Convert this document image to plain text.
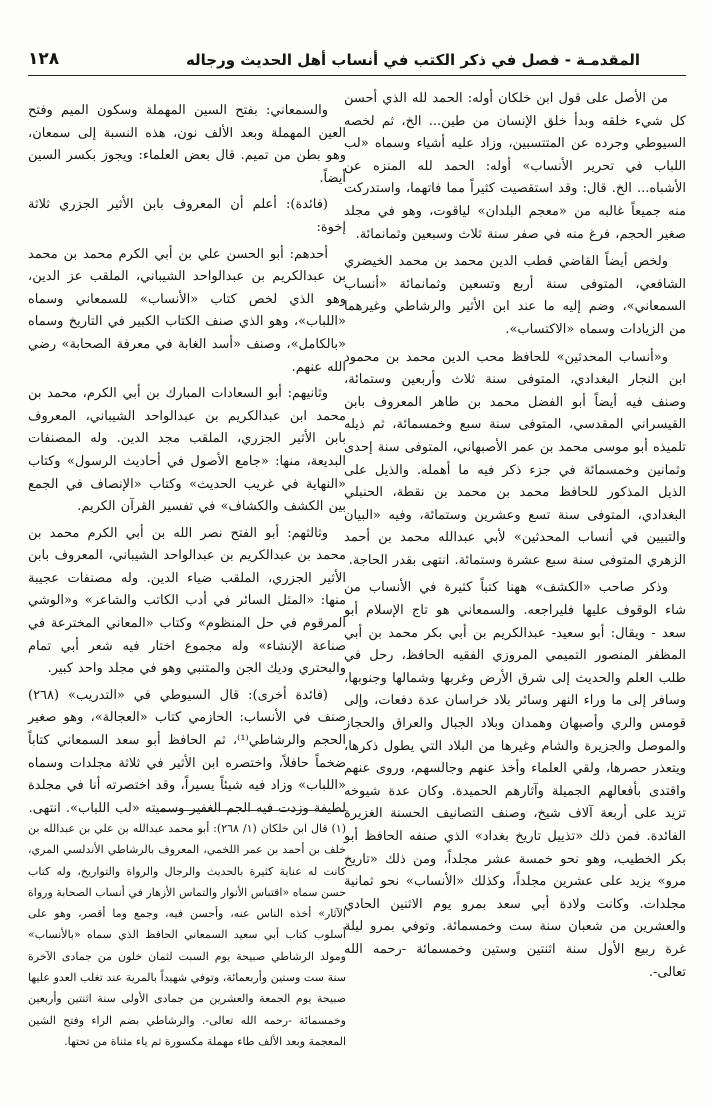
١٢٨	المقدمـة - فصل في ذكر الكتب في أنساب أهل الحديث ورجاله

من الأصل على قول ابن خلكان أوله: الحمد لله الذي أحسن كل شيء خلقه وبدأ خلق الإنسان من طين... الخ، ثم لخصه السيوطي وجرده عن المتتسبين، وزاد عليه أشياء وسماه «لب اللباب في تحرير الأنساب» أوله: الحمد لله المنزه عن الأشباه... الخ. قال: وقد استقصيت كثيراً مما فاتهما، واستدركت منه جميعاً غالبه من «معجم البلدان» لياقوت، وهو في مجلد صغير الحجم، فرغ منه في صفر سنة ثلاث وسبعين وثمانمائة.

ولخص أيضاً القاضي قطب الدين محمد بن محمد الخيضري الشافعي، المتوفى سنة أربع وتسعين وثمانمائة «أنساب السمعاني»، وضم إليه ما عند ابن الأثير والرشاطي وغيرهما من الزيادات وسماه «الاكتساب».

و«أنساب المحدثين» للحافظ محب الدين محمد بن محمود ابن النجار البغدادي، المتوفى سنة ثلاث وأربعين وستمائة، وصنف فيه أيضاً أبو الفضل محمد بن طاهر المعروف بابن القيسراني المقدسي، المتوفى سنة سبع وخمسمائة، ثم ذيله تلميذه أبو موسى محمد بن عمر الأصبهاني، المتوفى سنة إحدى وثمانين وخمسمائة في جزء ذكر فيه ما أهمله. والذيل على الذيل المذكور للحافظ محمد بن محمد بن نقطة، الحنبلي البغدادي، المتوفى سنة تسع وعشرين وستمائة، وفيه «البيان والتبيين في أنساب المحدثين» لأبي عبدالله محمد بن أحمد الزهري المتوفى سنة سبع عشرة وستمائة. انتهى بقدر الحاجة.

وذكر صاحب «الكشف» ههنا كتباً كثيرة في الأنساب من شاء الوقوف عليها فليراجعه. والسمعاني هو تاج الإسلام أبو سعد - ويقال: أبو سعيد- عبدالكريم بن أبي بكر محمد بن أبي المظفر المنصور التميمي المروزي الفقيه الحافظ، رحل في طلب العلم والحديث إلى شرق الأرض وغربها وشمالها وجنوبها، وسافر إلى ما وراء النهر وسائر بلاد خراسان عدة دفعات، وإلى قومس والري وأصبهان وهمدان وبلاد الجبال والعراق والحجاز والموصل والجزيرة والشام وغيرها من البلاد التي يطول ذكرها، ويتعذر حصرها، ولقي العلماء وأخذ عنهم وجالسهم، وروى عنهم واقتدى بأفعالهم الجميلة وآثارهم الحميدة. وكان عدة شيوخه تزيد على أربعة آلاف شيخ، وصنف التصانيف الحسنة الغزيرة الفائدة. فمن ذلك «تذييل تاريخ بغداد» الذي صنفه الحافظ أبو بكر الخطيب، وهو نحو خمسة عشر مجلداً، ومن ذلك «تاريخ مرو» يزيد على عشرين مجلداً، وكذلك «الأنساب» نحو ثمانية مجلدات. وكانت ولادة أبي سعد بمرو يوم الاثنين الحادي والعشرين من شعبان سنة ست وخمسمائة. وتوفي بمرو ليلة غرة ربيع الأول سنة اثنتين وستين وخمسمائة -رحمه الله تعالى-.

والسمعاني: بفتح السين المهملة وسكون الميم وفتح العين المهملة وبعد الألف نون، هذه النسبة إلى سمعان، وهو بطن من تميم. قال بعض العلماء: ويجوز بكسر السين أيضاً.

(فائدة): أعلم أن المعروف بابن الأثير الجزري ثلاثة إخوة:

أحدهم: أبو الحسن علي بن أبي الكرم محمد بن محمد بن عبدالكريم بن عبدالواحد الشيباني، الملقب عز الدين، وهو الذي لخص كتاب «الأنساب» للسمعاني وسماه «اللباب»، وهو الذي صنف الكتاب الكبير في التاريخ وسماه «بالكامل»، وصنف «أسد الغابة في معرفة الصحابة» رضي الله عنهم.

وثانيهم: أبو السعادات المبارك بن أبي الكرم، محمد بن محمد ابن عبدالكريم بن عبدالواحد الشيباني، المعروف بابن الأثير الجزري، الملقب مجد الدين. وله المصنفات البديعة، منها: «جامع الأصول في أحاديث الرسول» وكتاب «النهاية في غريب الحديث» وكتاب «الإنصاف في الجمع بين الكشف والكشاف» في تفسير القرآن الكريم.

وثالثهم: أبو الفتح نصر الله بن أبي الكرم محمد بن محمد بن عبدالكريم بن عبدالواحد الشيباني، المعروف بابن الأثير الجزري، الملقب ضياء الدين. وله مصنفات عجيبة منها: «المثل السائر في أدب الكاتب والشاعر» و«الوشي المرقوم في حل المنظوم» وكتاب «المعاني المخترعة في صناعة الإنشاء» وله مجموع اختار فيه شعر أبي تمام والبحتري وديك الجن والمتنبي وهو في مجلد واحد كبير.

(فائدة أخرى): قال السيوطي في «التدريب» (٢٦٨) صنف في الأنساب: الحازمي كتاب «العجالة»، وهو صغير الحجم والرشاطي⁽¹⁾، ثم الحافظ أبو سعد السمعاني كتاباً ضخماً حافلاً، واختصره ابن الأثير في ثلاثة مجلدات وسماه «اللباب» وزاد فيه شيئاً يسيراً، وقد اختصرته أنا في مجلدة لطيفة وزدت فيه الجم الغفير وسميته «لب اللباب». انتهى.

(١) قال ابن خلكان (١/ ٢٦٨): أبو محمد عبدالله بن علي بن عبدالله بن خلف بن أحمد بن عمر اللخمي، المعروف بالرشاطي الأندلسي المري، كانت له عناية كثيرة بالحديث والرجال والرواة والتواريخ، وله كتاب حسن سماه «اقتباس الأنوار والتماس الأزهار في أنساب الصحابة ورواة الآثار» أخذه الناس عنه، وأحسن فيه، وجمع وما أقصر، وهو على أسلوب كتاب أبي سعيد السمعاني الحافظ الذي سماه «بالأنساب» ومولد الرشاطي صبيحة يوم السبت لثمان خلون من جمادى الآخرة سنة ست وستين وأربعمائة، وتوفي شهيداً بالمرية عند تغلب العدو عليها صبيحة يوم الجمعة والعشرين من جمادى الأولى سنة اثنتين وأربعين وخمسمائة -رحمه الله تعالى-. والرشاطي بضم الراء وفتح الشين المعجمة وبعد الألف طاء مهملة مكسورة ثم ياء مثناة من تحتها.
